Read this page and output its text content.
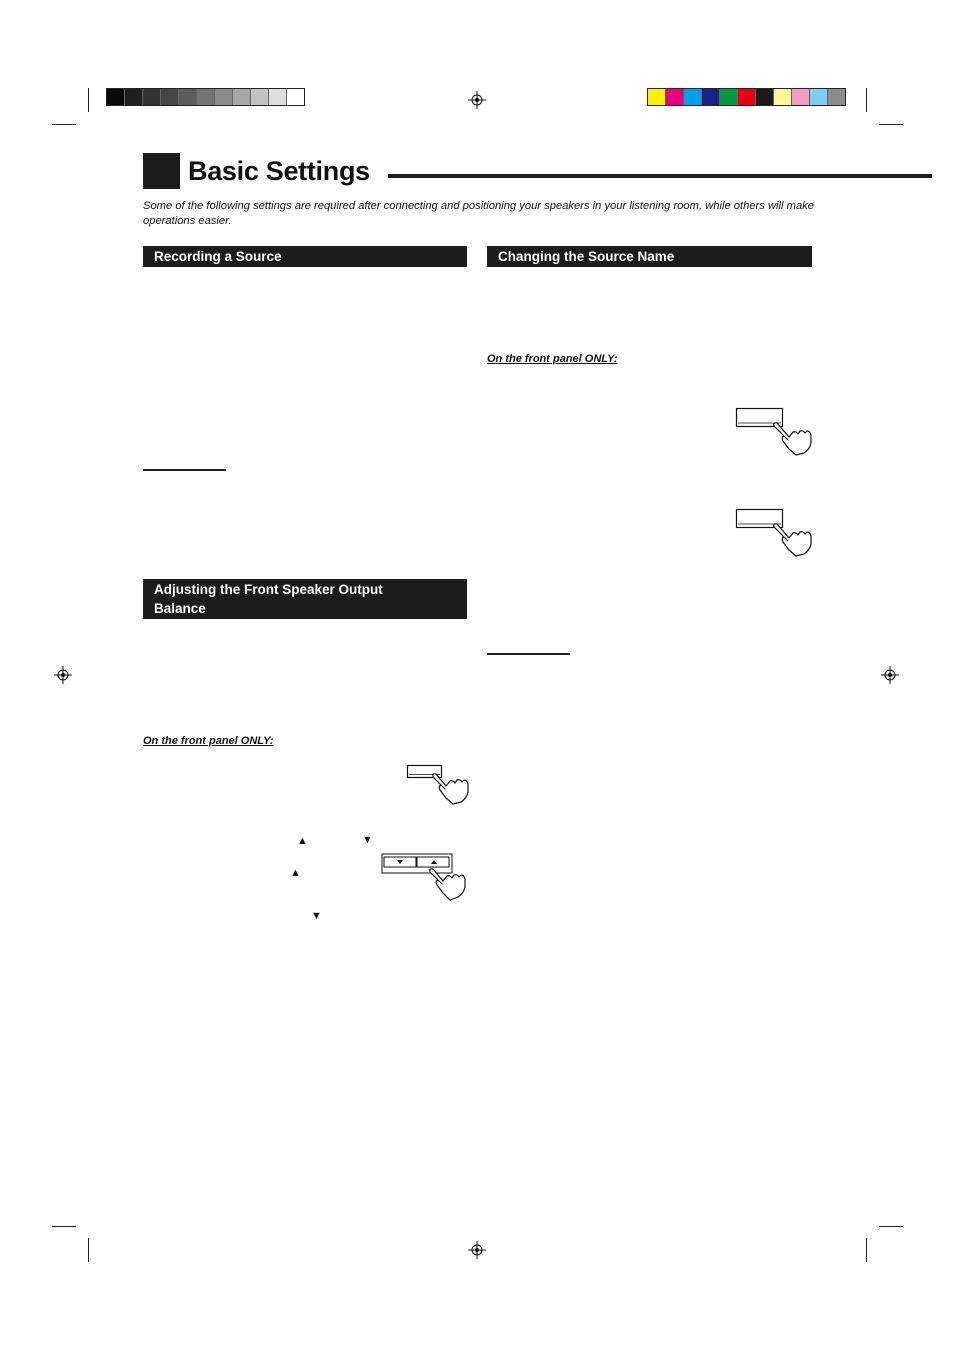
Basic Settings

Some of the following settings are required after connecting and positioning your speakers in your listening room, while others will make operations easier.

Recording a Source
Adjusting the Front Speaker Output
Balance

On the front panel ONLY:

▲	▼
▲
▼
Changing the Source Name

On the front panel ONLY:
